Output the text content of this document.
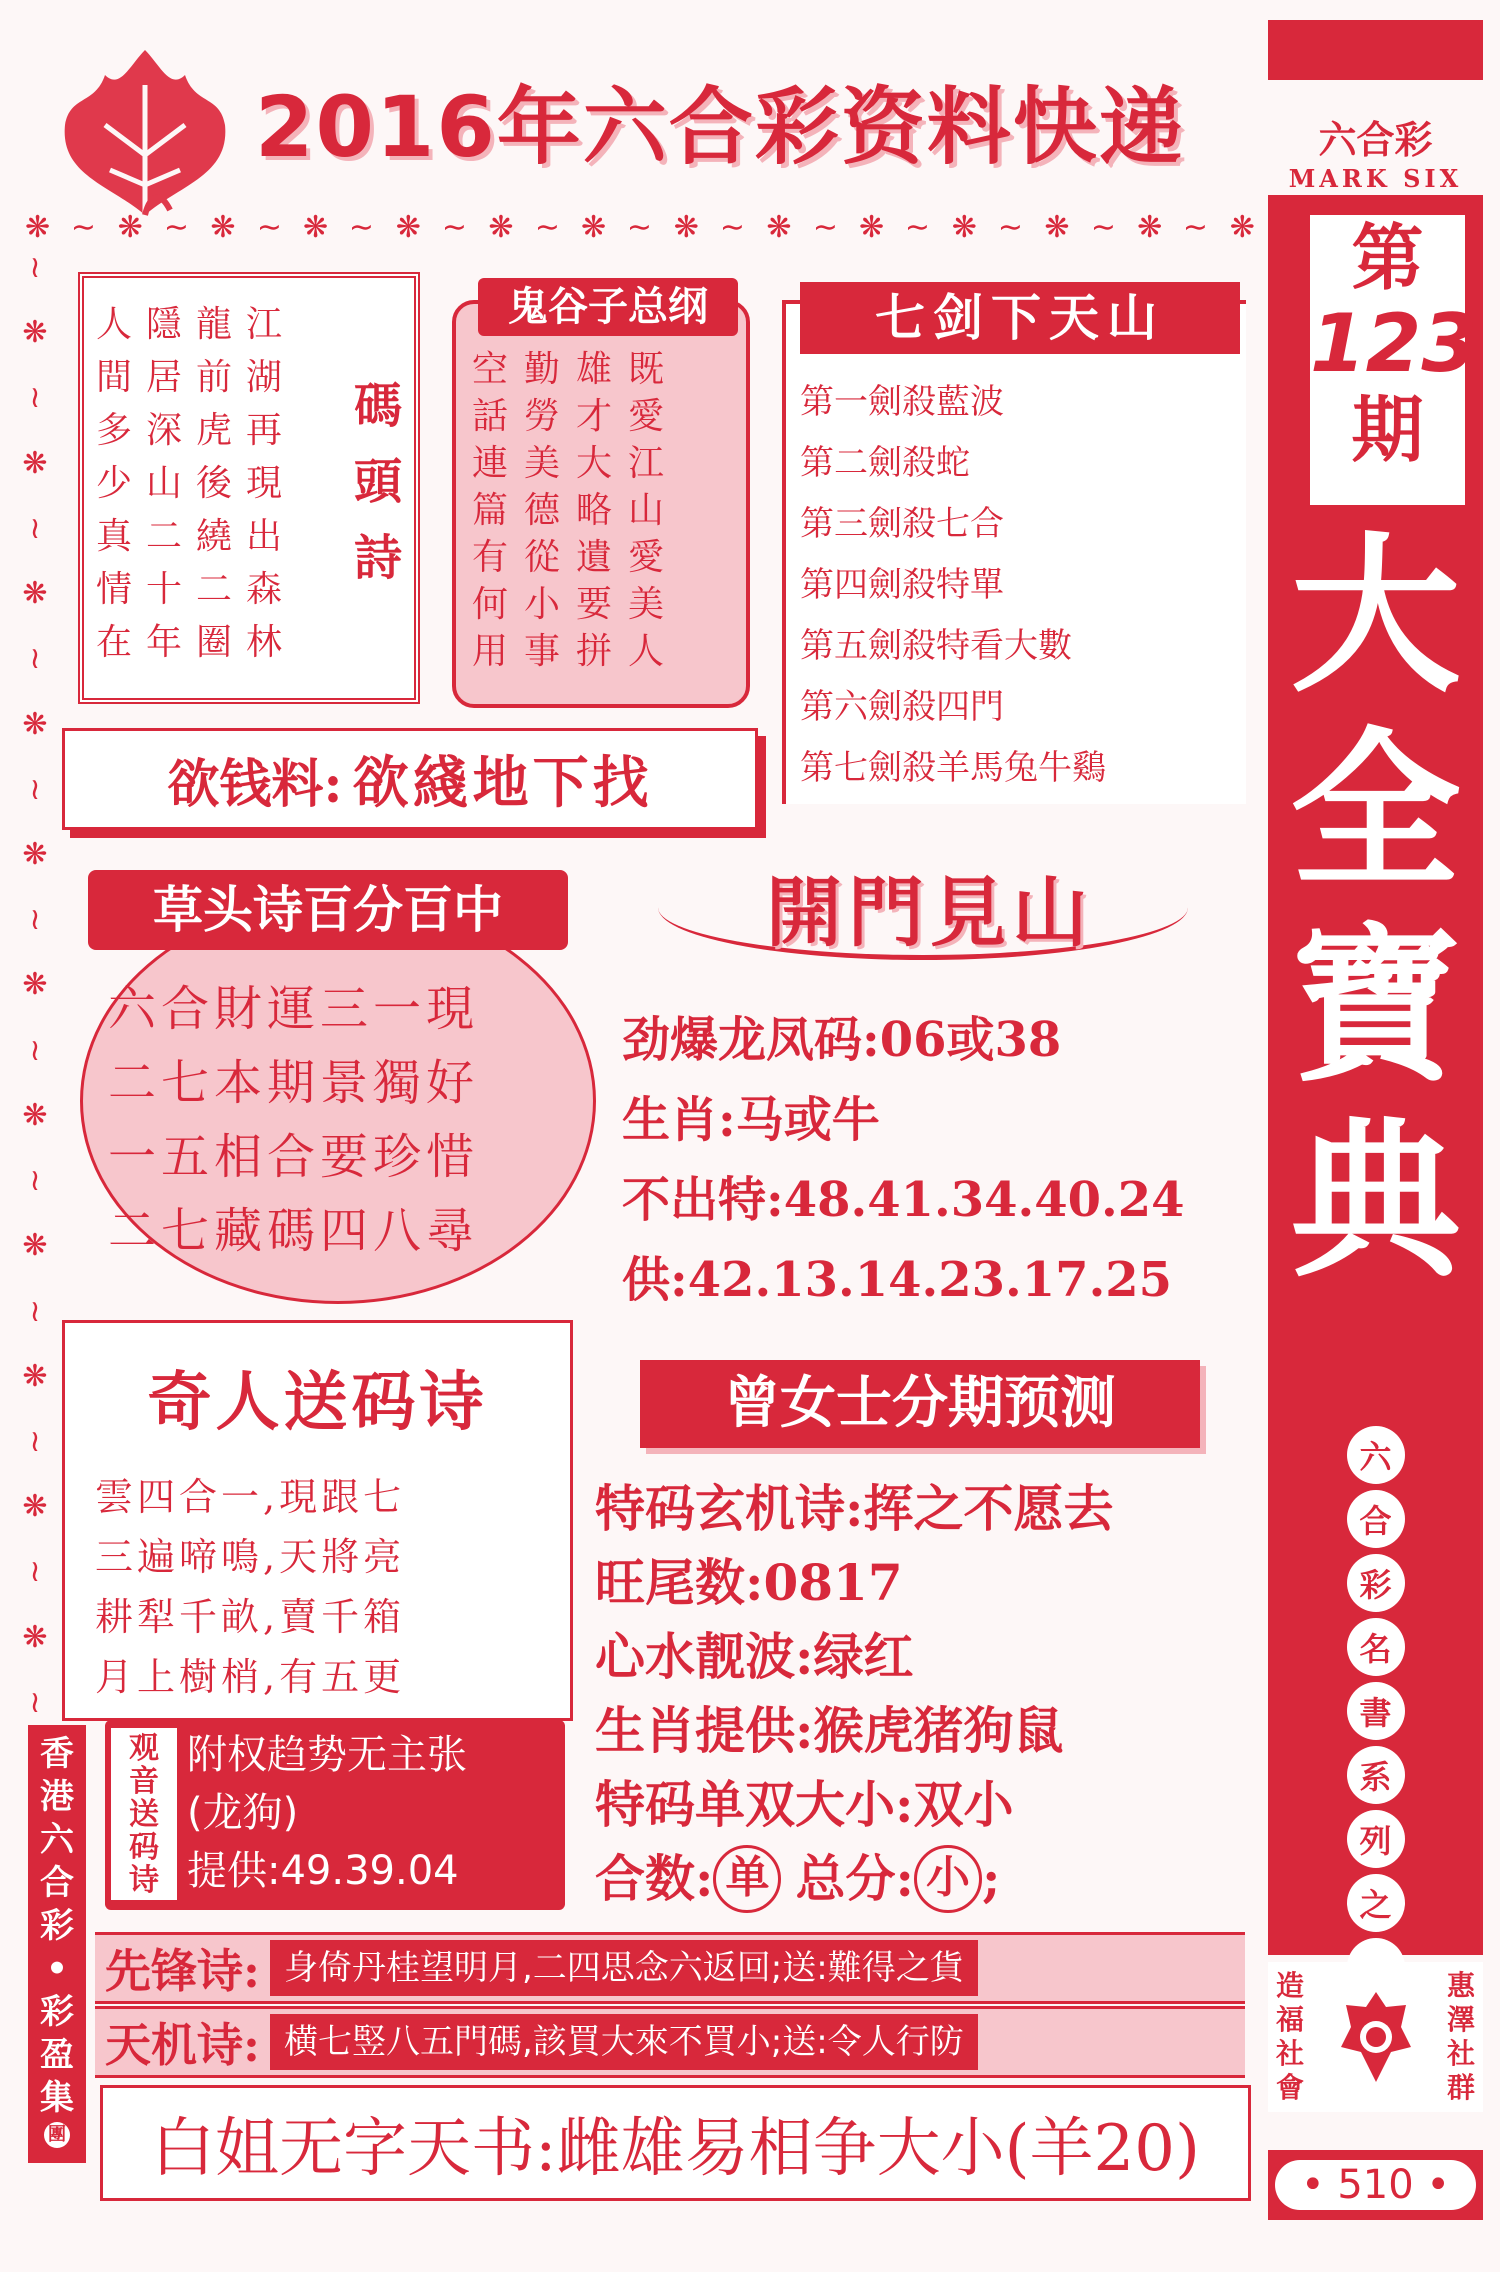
2016年六合彩资料快递
❋ ≀ ❋ ≀ ❋ ≀ ❋ ≀ ❋ ≀ ❋ ≀ ❋ ≀ ❋ ≀ ❋ ≀ ❋ ≀ ❋ ≀ ❋ ≀ ❋ ≀ ❋
≀
❋
≀
❋
≀
❋
≀
❋
≀
❋
≀
❋
≀
❋
≀
❋
≀
❋
≀
❋
≀
❋
≀
人
間
多
少
真
情
在
隱
居
深
山
二
十
年
龍
前
虎
後
繞
二
圈
江
湖
再
現
出
森
林
碼
頭
詩
空
話
連
篇
有
何
用
勤
勞
美
德
從
小
事
雄
才
大
略
遺
要
拼
既
愛
江
山
愛
美
人
鬼谷子总纲	七剑下天山
第一劍殺藍波
第二劍殺蛇
第三劍殺七合
第四劍殺特單
第五劍殺特看大數
第六劍殺四門
第七劍殺羊馬兔牛鷄
欲钱料: 欲綫地下找
草头诗百分百中
六合財運三一現
二七本期景獨好
一五相合要珍惜
二七藏碼四八尋
開門見山
劲爆龙凤码:06或38
生肖:马或牛
不出特:48.41.34.40.24
供:42.13.14.23.17.25
奇人送码诗
雲四合一,現跟七
三遍啼鳴,天將亮
耕犁千畝,賣千箱
月上樹梢,有五更
观
音
送
码
诗
附权趋势无主张
(龙狗)
提供:49.39.04
香
港
六
合
彩
•
彩
盈
集
團
曾女士分期预测
特码玄机诗:挥之不愿去
旺尾数:0817
心水靓波:绿红
生肖提供:猴虎猪狗鼠
特码单双大小:双小
合数: 单 总分: 小 ;
先锋诗: 身倚丹桂望明月,二四思念六返回;送:難得之貨
天机诗: 横七竪八五門碼,該買大來不買小;送:令人行防
白姐无字天书:雌雄易相争大小(羊20)
六合彩
MARK SIX
第
123
期
大
全
寶
典
六
合
彩
名
書
系
列
之
造
福
社
會
惠
澤
社
群
• 510 •
